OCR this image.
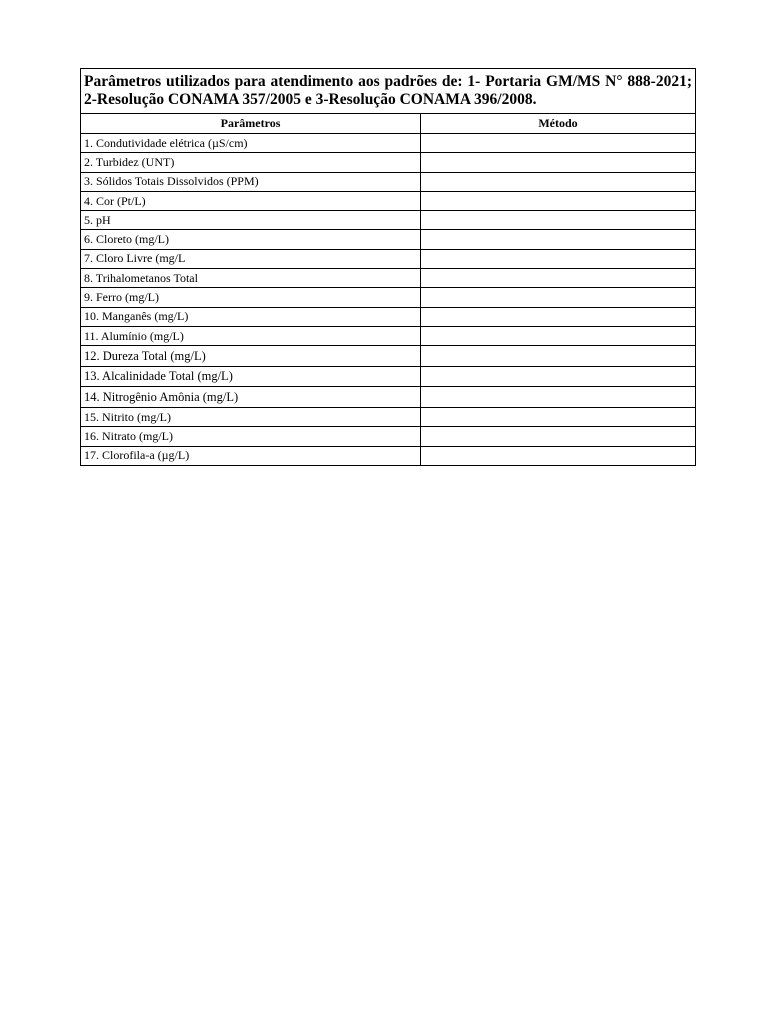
Parâmetros utilizados para atendimento aos padrões de: 1- Portaria GM/MS N° 888-2021;
2-Resolução CONAMA 357/2005 e 3-Resolução CONAMA 396/2008.	

Parâmetros	Método
1. Condutividade elétrica (µS/cm)	
2. Turbidez (UNT)	
3. Sólidos Totais Dissolvidos (PPM)	
4. Cor (Pt/L)	
5. pH	
6. Cloreto (mg/L)	
7. Cloro Livre (mg/L	
8. Trihalometanos Total	
9. Ferro (mg/L)	
10. Manganês (mg/L)	
11. Alumínio (mg/L)	
12. Dureza Total (mg/L)	
13. Alcalinidade Total (mg/L)	
14. Nitrogênio Amônia (mg/L)	
15. Nitrito (mg/L)	
16. Nitrato (mg/L)	
17. Clorofila-a (µg/L)	
